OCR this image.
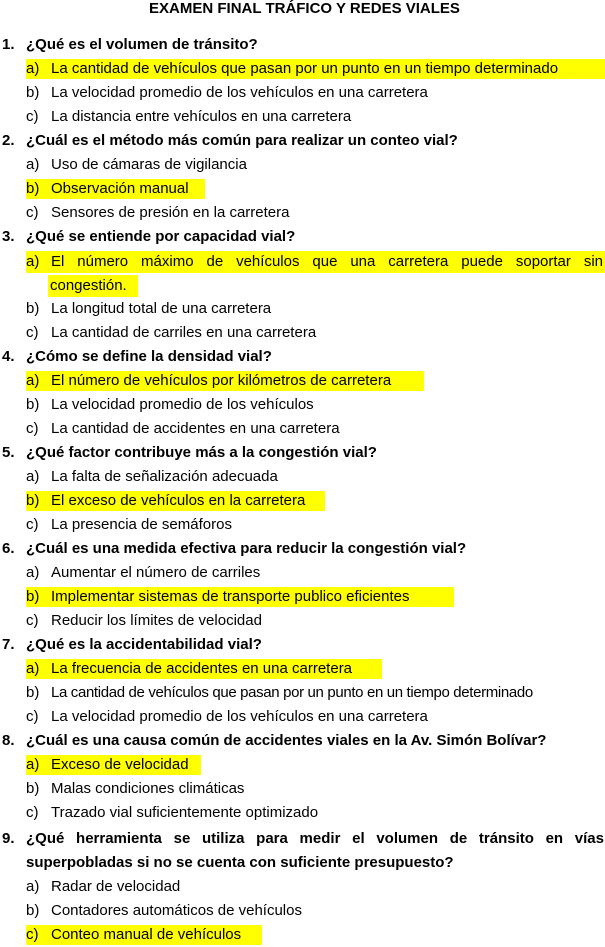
EXAMEN FINAL TRÁFICO Y REDES VIALES
1. ¿Qué es el volumen de tránsito?
a) La cantidad de vehículos que pasan por un punto en un tiempo determinado
b) La velocidad promedio de los vehículos en una carretera
c) La distancia entre vehículos en una carretera
2. ¿Cuál es el método más común para realizar un conteo vial?
a) Uso de cámaras de vigilancia
b) Observación manual
c) Sensores de presión en la carretera
3. ¿Qué se entiende por capacidad vial?
a) El número máximo de vehículos que una carretera puede soportar sin
congestión.
b) La longitud total de una carretera
c) La cantidad de carriles en una carretera
4. ¿Cómo se define la densidad vial?
a) El número de vehículos por kilómetros de carretera
b) La velocidad promedio de los vehículos
c) La cantidad de accidentes en una carretera
5. ¿Qué factor contribuye más a la congestión vial?
a) La falta de señalización adecuada
b) El exceso de vehículos en la carretera
c) La presencia de semáforos
6. ¿Cuál es una medida efectiva para reducir la congestión vial?
a) Aumentar el número de carriles
b) Implementar sistemas de transporte publico eficientes
c) Reducir los límites de velocidad
7. ¿Qué es la accidentabilidad vial?
a) La frecuencia de accidentes en una carretera
b) La cantidad de vehículos que pasan por un punto en un tiempo determinado
c) La velocidad promedio de los vehículos en una carretera
8. ¿Cuál es una causa común de accidentes viales en la Av. Simón Bolívar?
a) Exceso de velocidad
b) Malas condiciones climáticas
c) Trazado vial suficientemente optimizado
9. ¿Qué herramienta se utiliza para medir el volumen de tránsito en vías superpobladas si no se cuenta con suficiente presupuesto?
a) Radar de velocidad
b) Contadores automáticos de vehículos
c) Conteo manual de vehículos
